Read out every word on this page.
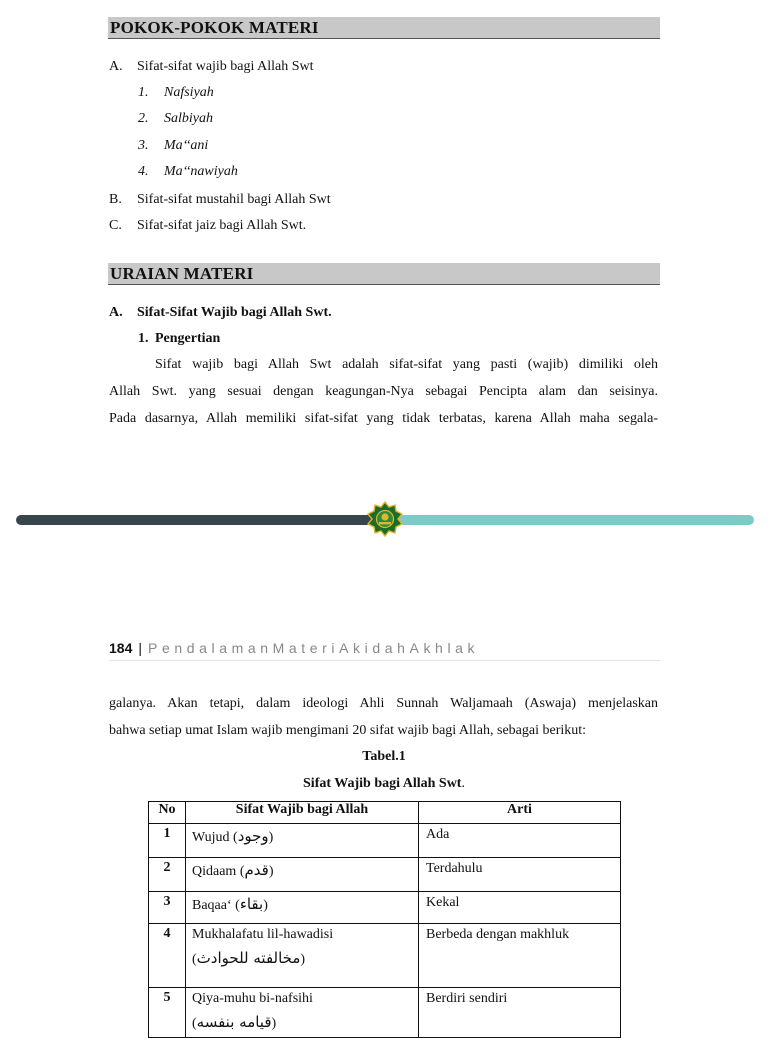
POKOK-POKOK MATERI
A. Sifat-sifat wajib bagi Allah Swt
1. Nafsiyah
2. Salbiyah
3. Ma‘‘ani
4. Ma‘‘nawiyah
B. Sifat-sifat mustahil bagi Allah Swt
C. Sifat-sifat jaiz bagi Allah Swt.
URAIAN MATERI
A. Sifat-Sifat Wajib bagi Allah Swt.
1. Pengertian
Sifat wajib bagi Allah Swt adalah sifat-sifat yang pasti (wajib) dimiliki oleh
Allah Swt. yang sesuai dengan keagungan-Nya sebagai Pencipta alam dan seisinya.
Pada dasarnya, Allah memiliki sifat-sifat yang tidak terbatas, karena Allah maha segala-
184 | PendalamanMateriAkidahAkhlak
galanya. Akan tetapi, dalam ideologi Ahli Sunnah Waljamaah (Aswaja) menjelaskan
bahwa setiap umat Islam wajib mengimani 20 sifat wajib bagi Allah, sebagai berikut:
Tabel.1
Sifat Wajib bagi Allah Swt.
No	Sifat Wajib bagi Allah	Arti
1	Wujud (وجود)	Ada
2	Qidaam (قدم)	Terdahulu
3	Baqaa‘ (بقاء)	Kekal
4	Mukhalafatu lil-hawadisi
(مخالفته للحوادث)	Berbeda dengan makhluk
5	Qiya-muhu bi-nafsihi
(قيامه بنفسه)	Berdiri sendiri
